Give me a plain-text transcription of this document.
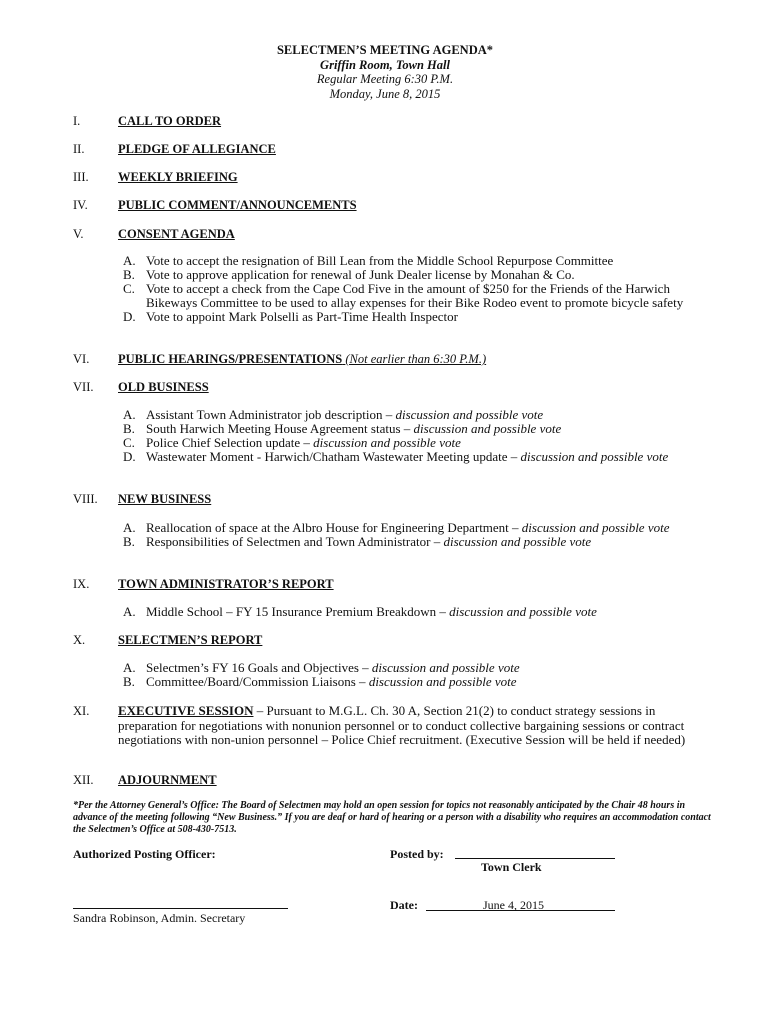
SELECTMEN’S MEETING AGENDA*
Griffin Room, Town Hall
Regular Meeting 6:30 P.M.
Monday, June 8, 2015
I.	CALL TO ORDER
II.	PLEDGE OF ALLEGIANCE
III. WEEKLY BRIEFING
IV. PUBLIC COMMENT/ANNOUNCEMENTS
V.	CONSENT AGENDA
A. Vote to accept the resignation of Bill Lean from the Middle School Repurpose Committee
B. Vote to approve application for renewal of Junk Dealer license by Monahan & Co.
C. Vote to accept a check from the Cape Cod Five in the amount of $250 for the Friends of the Harwich Bikeways Committee to be used to allay expenses for their Bike Rodeo event to promote bicycle safety
D. Vote to appoint Mark Polselli as Part-Time Health Inspector
VI. PUBLIC HEARINGS/PRESENTATIONS (Not earlier than 6:30 P.M.)
VII. OLD BUSINESS
A. Assistant Town Administrator job description – discussion and possible vote
B. South Harwich Meeting House Agreement status – discussion and possible vote
C. Police Chief Selection update – discussion and possible vote
D. Wastewater Moment - Harwich/Chatham Wastewater Meeting update – discussion and possible vote
VIII. NEW BUSINESS
A. Reallocation of space at the Albro House for Engineering Department – discussion and possible vote
B. Responsibilities of Selectmen and Town Administrator – discussion and possible vote
IX. TOWN ADMINISTRATOR’S REPORT
A. Middle School – FY 15 Insurance Premium Breakdown – discussion and possible vote
X.	SELECTMEN’S REPORT
A. Selectmen’s FY 16 Goals and Objectives – discussion and possible vote
B. Committee/Board/Commission Liaisons – discussion and possible vote
XI. EXECUTIVE SESSION – Pursuant to M.G.L. Ch. 30 A, Section 21(2) to conduct strategy sessions in preparation for negotiations with nonunion personnel or to conduct collective bargaining sessions or contract negotiations with non-union personnel – Police Chief recruitment. (Executive Session will be held if needed)
XII. ADJOURNMENT
*Per the Attorney General’s Office: The Board of Selectmen may hold an open session for topics not reasonably anticipated by the Chair 48 hours in advance of the meeting following “New Business.” If you are deaf or hard of hearing or a person with a disability who requires an accommodation contact the Selectmen’s Office at 508-430-7513.
Authorized Posting Officer:	Posted by:
Town Clerk
Date:	June 4, 2015
Sandra Robinson, Admin. Secretary
